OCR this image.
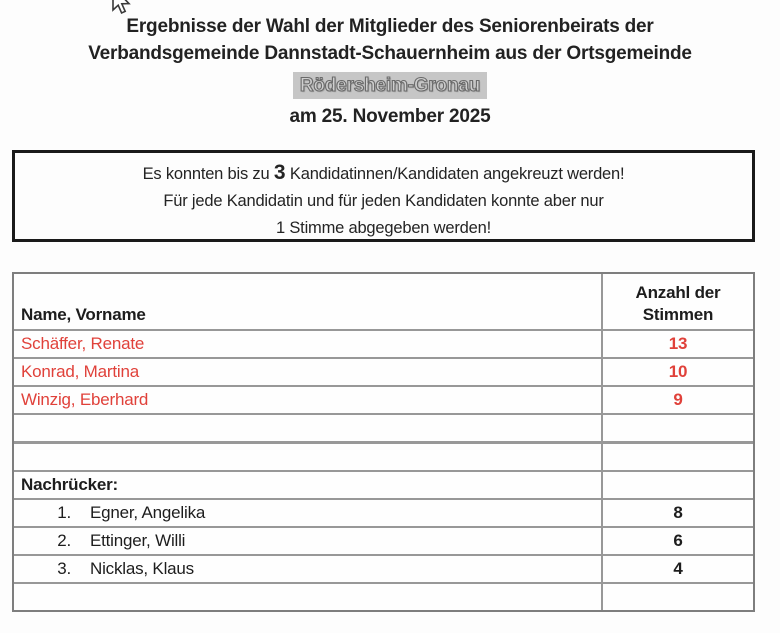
Ergebnisse der Wahl der Mitglieder des Seniorenbeirats der
Verbandsgemeinde Dannstadt-Schauernheim aus der Ortsgemeinde
Rödersheim-Gronau
am 25. November 2025
Es konnten bis zu 3 Kandidatinnen/Kandidaten angekreuzt werden!
Für jede Kandidatin und für jeden Kandidaten konnte aber nur
1 Stimme abgegeben werden!
Name, Vorname
Anzahl der
Stimmen
Schäffer, Renate	13
Konrad, Martina	10
Winzig, Eberhard	9
Nachrücker:
1. Egner, Angelika	8
2. Ettinger, Willi	6
3. Nicklas, Klaus	4
